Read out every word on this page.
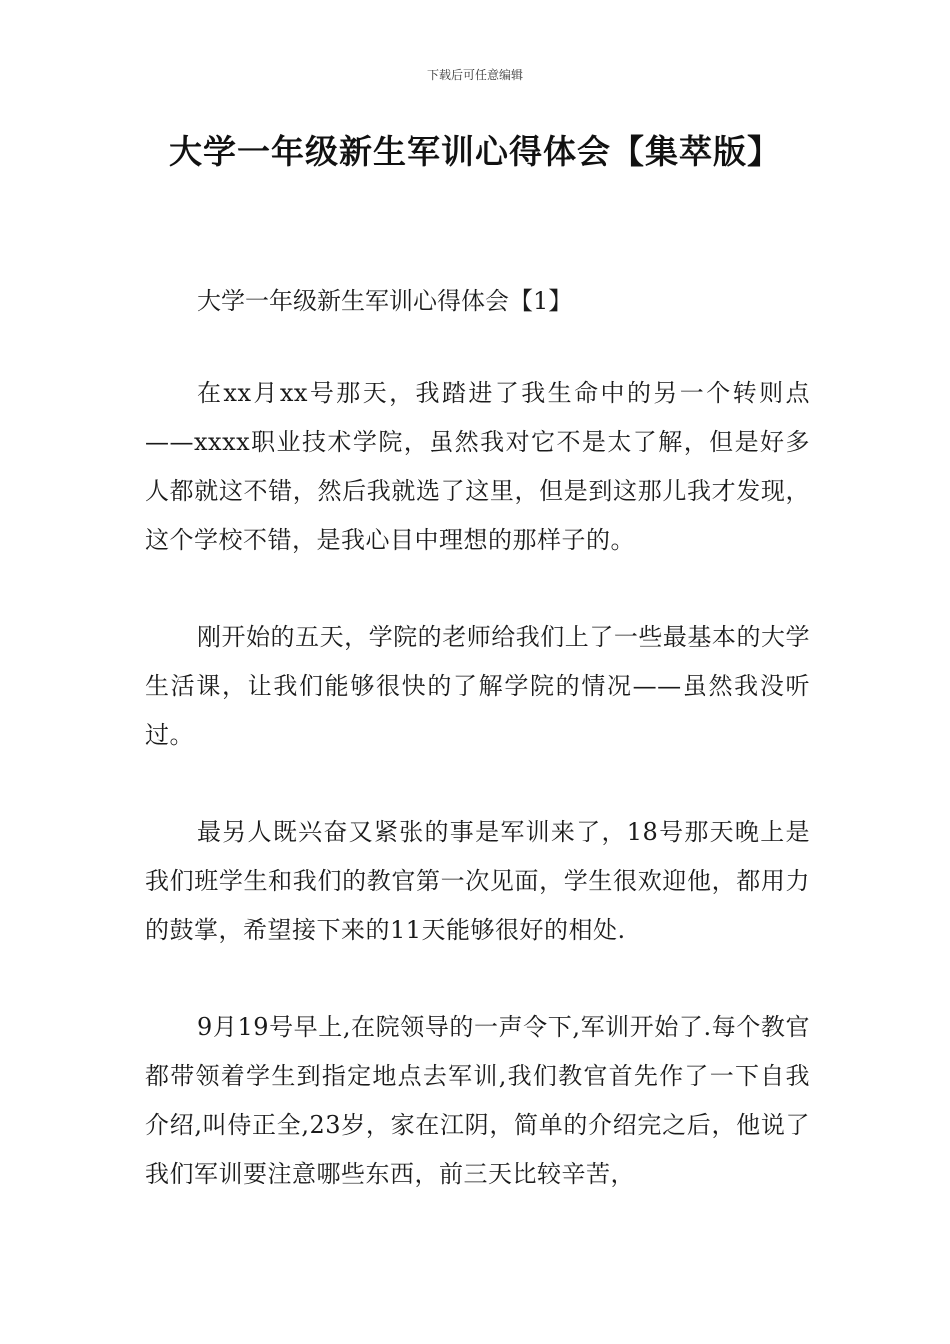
下载后可任意编辑
大学一年级新生军训心得体会【集萃版】

大学一年级新生军训心得体会【1】

在xx月xx号那天，我踏进了我生命中的另一个转则点——xxxx职业技术学院，虽然我对它不是太了解，但是好多人都就这不错，然后我就选了这里，但是到这那儿我才发现，这个学校不错，是我心目中理想的那样子的。

刚开始的五天，学院的老师给我们上了一些最基本的大学生活课，让我们能够很快的了解学院的情况——虽然我没听过。

最另人既兴奋又紧张的事是军训来了，18号那天晚上是我们班学生和我们的教官第一次见面，学生很欢迎他，都用力的鼓掌，希望接下来的11天能够很好的相处.

9月19号早上,在院领导的一声令下,军训开始了.每个教官都带领着学生到指定地点去军训,我们教官首先作了一下自我介绍,叫侍正全,23岁，家在江阴，简单的介绍完之后，他说了我们军训要注意哪些东西，前三天比较辛苦，
